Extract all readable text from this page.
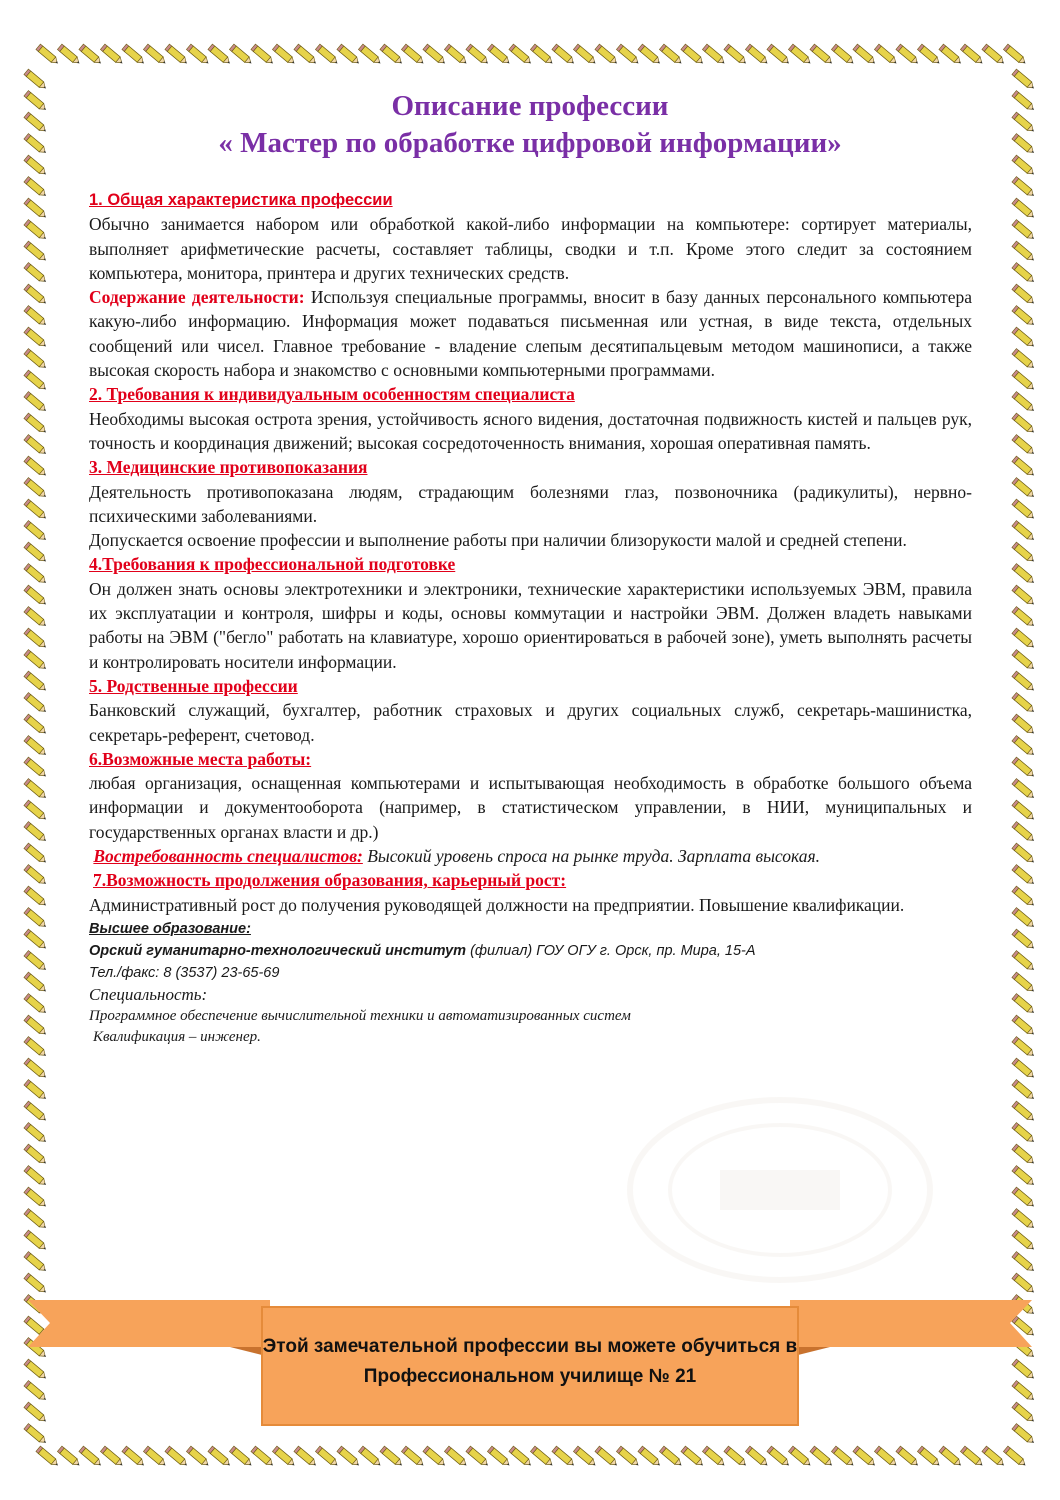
Описание профессии
« Мастер по обработке цифровой информации»

1. Общая характеристика профессии

Обычно занимается набором или обработкой какой-либо информации на компьютере: сортирует материалы, выполняет арифметические расчеты, составляет таблицы, сводки и т.п. Кроме этого следит за состоянием компьютера, монитора, принтера и других технических средств.

Содержание деятельности: Используя специальные программы, вносит в базу данных персонального компьютера какую-либо информацию. Информация может подаваться письменная или устная, в виде текста, отдельных сообщений или чисел. Главное требование - владение слепым десятипальцевым методом машинописи, а также высокая скорость набора и знакомство с основными компьютерными программами.

2. Требования к индивидуальным особенностям специалиста

Необходимы высокая острота зрения, устойчивость ясного видения, достаточная подвижность кистей и пальцев рук, точность и координация движений; высокая сосредоточенность внимания, хорошая оперативная память.

3. Медицинские противопоказания

Деятельность противопоказана людям, страдающим болезнями глаз, позвоночника (радикулиты), нервно-психическими заболеваниями.

Допускается освоение профессии и выполнение работы при наличии близорукости малой и средней степени.

4.Требования к профессиональной подготовке

Он должен знать основы электротехники и электроники, технические характеристики используемых ЭВМ, правила их эксплуатации и контроля, шифры и коды, основы коммутации и настройки ЭВМ. Должен владеть навыками работы на ЭВМ ("бегло" работать на клавиатуре, хорошо ориентироваться в рабочей зоне), уметь выполнять расчеты и контролировать носители информации.

5. Родственные профессии

Банковский служащий, бухгалтер, работник страховых и других социальных служб, секретарь-машинистка, секретарь-референт, счетовод.

6.Возможные места работы:

любая организация, оснащенная компьютерами и испытывающая необходимость в обработке большого объема информации и документооборота (например, в статистическом управлении, в НИИ, муниципальных и государственных органах власти и др.)

Востребованность специалистов: Высокий уровень спроса на рынке труда. Зарплата высокая.

7.Возможность продолжения образования, карьерный рост:

Административный рост до получения руководящей должности на предприятии. Повышение квалификации.

Высшее образование:
Орский гуманитарно-технологический институт (филиал) ГОУ ОГУ г. Орск, пр. Мира, 15-А
Тел./факс: 8 (3537) 23-65-69
Специальность:
Программное обеспечение вычислительной техники и автоматизированных систем
Квалификация – инженер.
Этой замечательной профессии вы можете обучиться в
Профессиональном училище № 21
